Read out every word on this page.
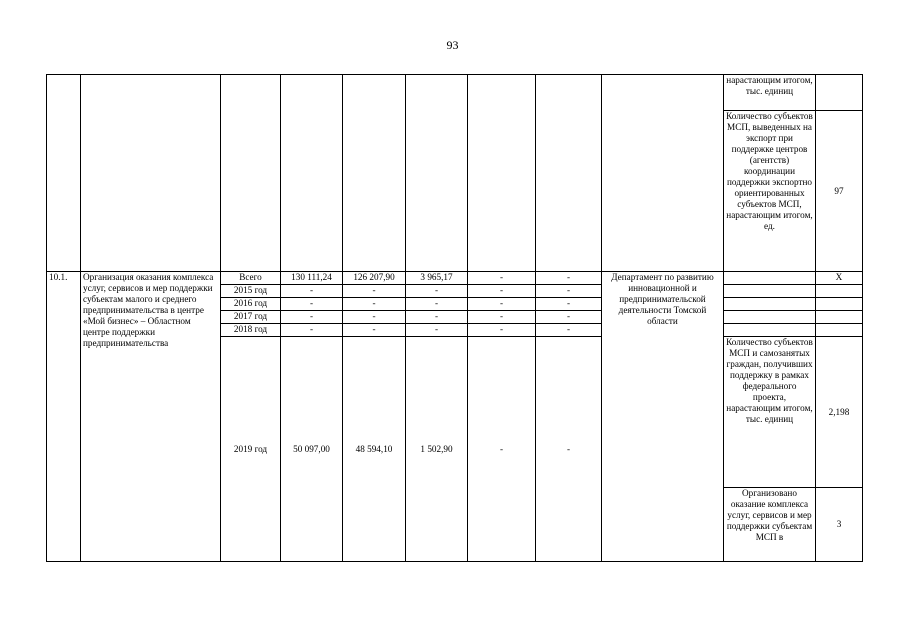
93
									нарастающим итогом, тыс. единиц	
									Количество субъектов МСП, выведенных на экспорт при поддержке центров (агентств) координации поддержки экспортно ориентированных субъектов МСП, нарастающим итогом, ед.	97
10.1.	Организация оказания комплекса услуг, сервисов и мер поддержки субъектам малого и среднего предпринимательства в центре «Мой бизнес» – Областном центре поддержки предпринимательства	Всего	130 111,24	126 207,90	3 965,17	-	-	Департамент по развитию инновационной и предпринимательской деятельности Томской области		X
		2015 год	-	-	-	-	-			
		2016 год	-	-	-	-	-			
		2017 год	-	-	-	-	-			
		2018 год	-	-	-	-	-			
		2019 год	50 097,00	48 594,10	1 502,90	-	-		Количество субъектов МСП и самозанятых граждан, получивших поддержку в рамках федерального проекта, нарастающим итогом, тыс. единиц	2,198
									Организовано оказание комплекса услуг, сервисов и мер поддержки субъектам МСП в	3
